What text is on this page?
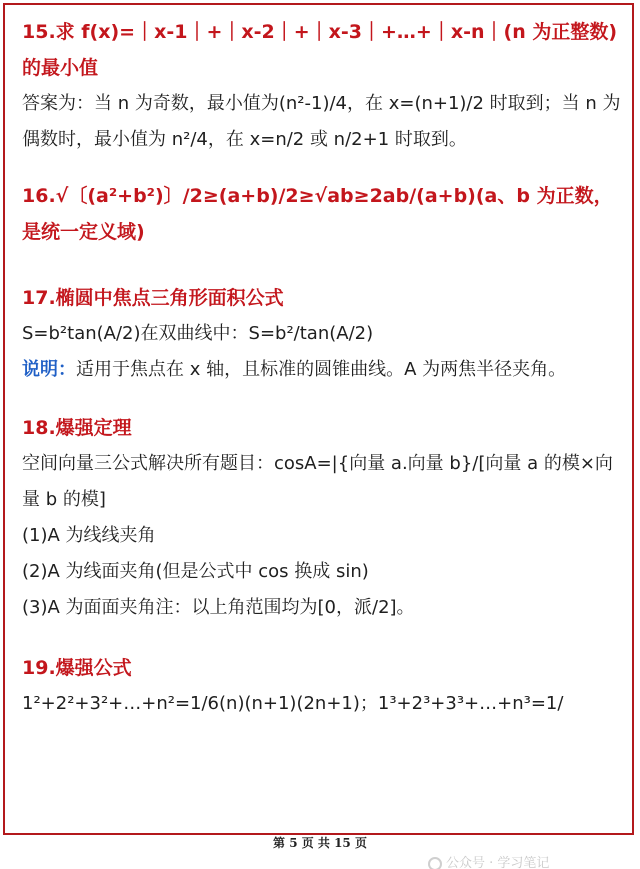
15.求 f(x)=｜x-1｜+｜x-2｜+｜x-3｜+…+｜x-n｜(n 为正整数)的最小值

答案为：当 n 为奇数，最小值为(n²-1)/4，在 x=(n+1)/2 时取到；当 n 为偶数时，最小值为 n²/4，在 x=n/2 或 n/2+1 时取到。

16.√〔(a²+b²)〕/2≥(a+b)/2≥√ab≥2ab/(a+b)(a、b 为正数，是统一定义域)

17.椭圆中焦点三角形面积公式

S=b²tan(A/2)在双曲线中：S=b²/tan(A/2)

说明：适用于焦点在 x 轴，且标准的圆锥曲线。A 为两焦半径夹角。

18.爆强定理

空间向量三公式解决所有题目：cosA=|{向量 a.向量 b}/[向量 a 的模×向量 b 的模]

(1)A 为线线夹角

(2)A 为线面夹角(但是公式中 cos 换成 sin)

(3)A 为面面夹角注：以上角范围均为[0，派/2]。

19.爆强公式

1²+2²+3²+…+n²=1/6(n)(n+1)(2n+1)；1³+2³+3³+…+n³=1/

第 5 页 共 15 页
公众号 · 学习笔记
